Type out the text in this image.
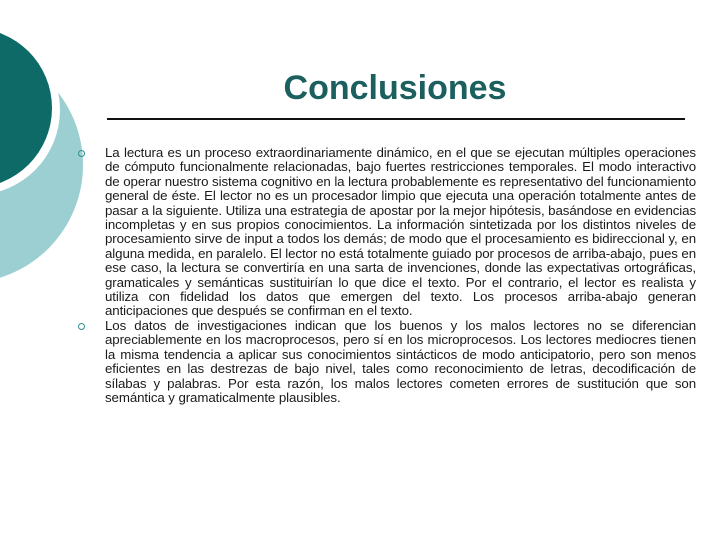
Conclusiones
La lectura es un proceso extraordinariamente dinámico, en el que se ejecutan múltiples operaciones de cómputo funcionalmente relacionadas, bajo fuertes restricciones temporales. El modo interactivo de operar nuestro sistema cognitivo en la lectura probablemente es representativo del funcionamiento general de éste. El lector no es un procesador limpio que ejecuta una operación totalmente antes de pasar a la siguiente. Utiliza una estrategia de apostar por la mejor hipótesis, basándose en evidencias incompletas y en sus propios conocimientos. La información sintetizada por los distintos niveles de procesamiento sirve de input a todos los demás; de modo que el procesamiento es bidireccional y, en alguna medida, en paralelo. El lector no está totalmente guiado por procesos de arriba-abajo, pues en ese caso, la lectura se convertiría en una sarta de invenciones, donde las expectativas ortográficas, gramaticales y semánticas sustituirían lo que dice el texto. Por el contrario, el lector es realista y utiliza con fidelidad los datos que emergen del texto. Los procesos arriba-abajo generan anticipaciones que después se confirman en el texto.
Los datos de investigaciones indican que los buenos y los malos lectores no se diferencian apreciablemente en los macroprocesos, pero sí en los microprocesos. Los lectores mediocres tienen la misma tendencia a aplicar sus conocimientos sintácticos de modo anticipatorio, pero son menos eficientes en las destrezas de bajo nivel, tales como reconocimiento de letras, decodificación de sílabas y palabras. Por esta razón, los malos lectores cometen errores de sustitución que son semántica y gramaticalmente plausibles.
